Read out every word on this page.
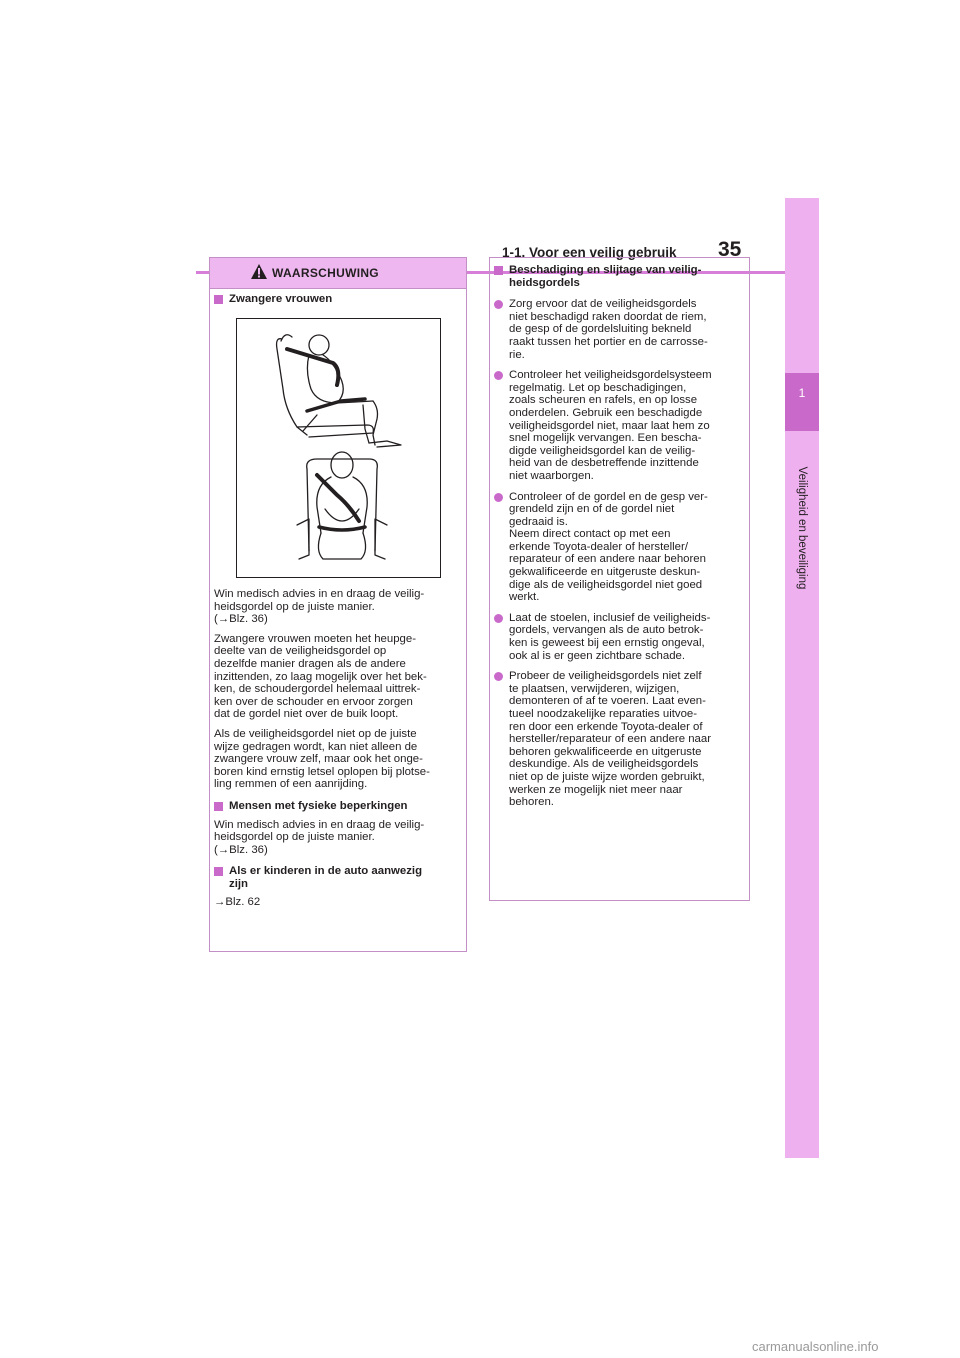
1-1. Voor een veilig gebruik 35
1
Veiligheid en beveiliging
WAARSCHUWING
Zwangere vrouwen

Win medisch advies in en draag de veilig-
heidsgordel op de juiste manier.
(→Blz. 36)

Zwangere vrouwen moeten het heupge-
deelte van de veiligheidsgordel op
dezelfde manier dragen als de andere
inzittenden, zo laag mogelijk over het bek-
ken, de schoudergordel helemaal uittrek-
ken over de schouder en ervoor zorgen
dat de gordel niet over de buik loopt.

Als de veiligheidsgordel niet op de juiste
wijze gedragen wordt, kan niet alleen de
zwangere vrouw zelf, maar ook het onge-
boren kind ernstig letsel oplopen bij plotse-
ling remmen of een aanrijding.

Mensen met fysieke beperkingen

Win medisch advies in en draag de veilig-
heidsgordel op de juiste manier.
(→Blz. 36)

Als er kinderen in de auto aanwezig
zijn

→Blz. 62

Beschadiging en slijtage van veilig-
heidsgordels
Zorg ervoor dat de veiligheidsgordels
niet beschadigd raken doordat de riem,
de gesp of de gordelsluiting bekneld
raakt tussen het portier en de carrosse-
rie.
Controleer het veiligheidsgordelsysteem
regelmatig. Let op beschadigingen,
zoals scheuren en rafels, en op losse
onderdelen. Gebruik een beschadigde
veiligheidsgordel niet, maar laat hem zo
snel mogelijk vervangen. Een bescha-
digde veiligheidsgordel kan de veilig-
heid van de desbetreffende inzittende
niet waarborgen.
Controleer of de gordel en de gesp ver-
grendeld zijn en of de gordel niet
gedraaid is.
Neem direct contact op met een
erkende Toyota-dealer of hersteller/
reparateur of een andere naar behoren
gekwalificeerde en uitgeruste deskun-
dige als de veiligheidsgordel niet goed
werkt.
Laat de stoelen, inclusief de veiligheids-
gordels, vervangen als de auto betrok-
ken is geweest bij een ernstig ongeval,
ook al is er geen zichtbare schade.
Probeer de veiligheidsgordels niet zelf
te plaatsen, verwijderen, wijzigen,
demonteren of af te voeren. Laat even-
tueel noodzakelijke reparaties uitvoe-
ren door een erkende Toyota-dealer of
hersteller/reparateur of een andere naar
behoren gekwalificeerde en uitgeruste
deskundige. Als de veiligheidsgordels
niet op de juiste wijze worden gebruikt,
werken ze mogelijk niet meer naar
behoren.
carmanualsonline.info
